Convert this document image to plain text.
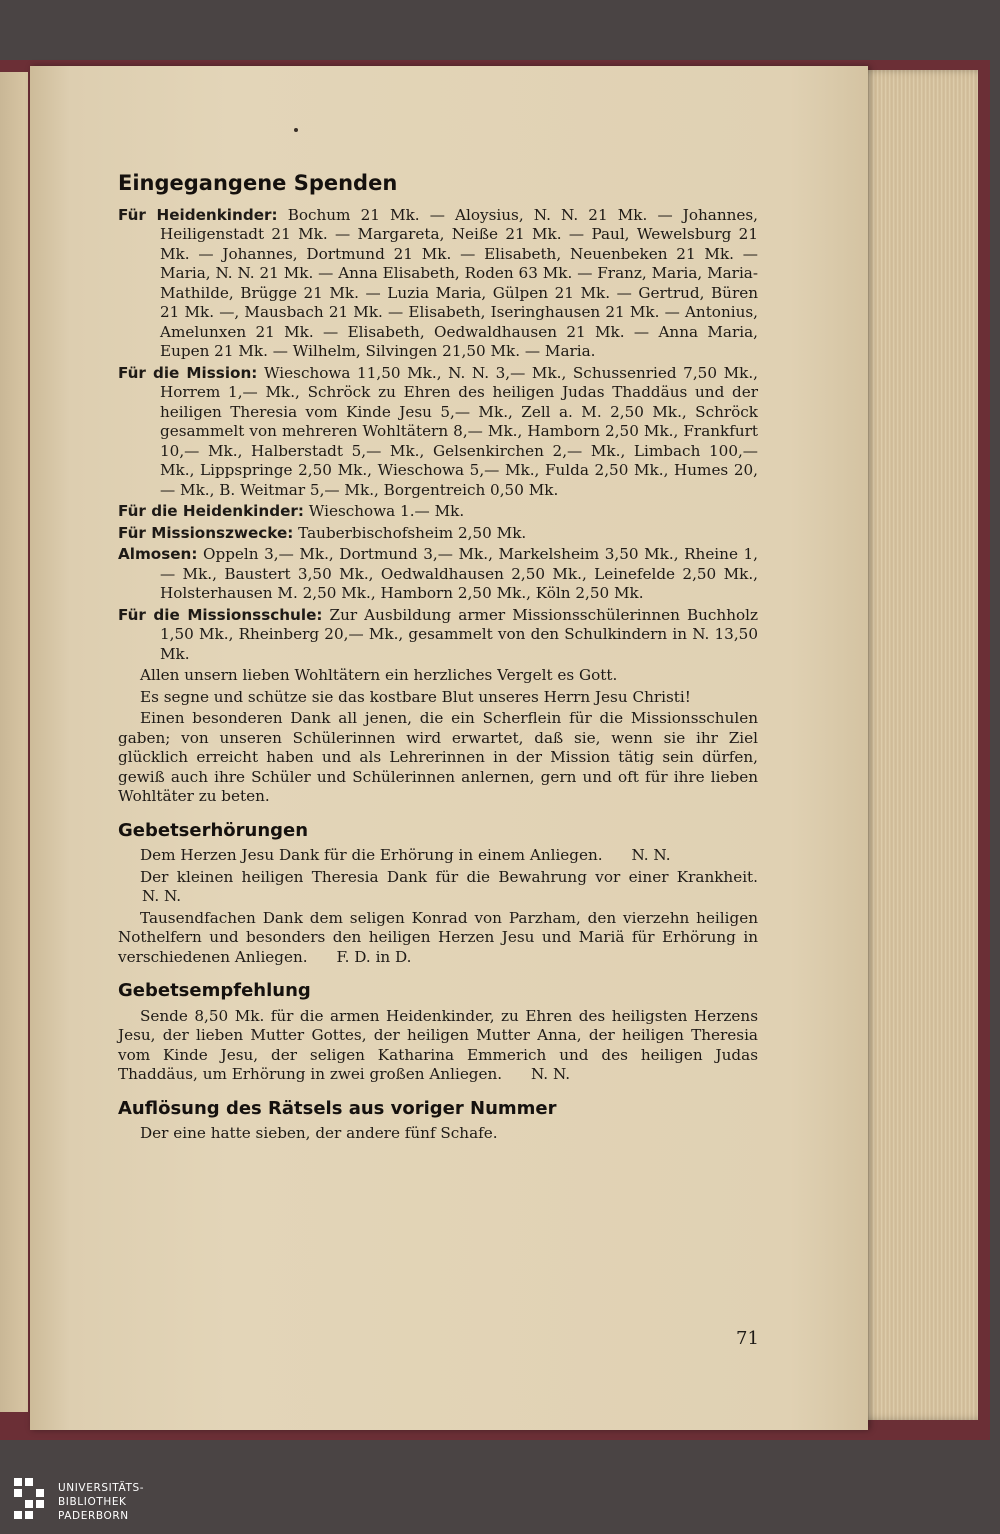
Eingegangene Spenden

Für Heidenkinder: Bochum 21 Mk. — Aloysius, N. N. 21 Mk. — Johannes, Heiligenstadt 21 Mk. — Margareta, Neiße 21 Mk. — Paul, Wewelsburg 21 Mk. — Johannes, Dortmund 21 Mk. — Elisabeth, Neuenbeken 21 Mk. — Maria, N. N. 21 Mk. — Anna Elisabeth, Roden 63 Mk. — Franz, Maria, Maria-Mathilde, Brügge 21 Mk. — Luzia Maria, Gülpen 21 Mk. — Gertrud, Büren 21 Mk. —, Mausbach 21 Mk. — Elisabeth, Iseringhausen 21 Mk. — Antonius, Amelunxen 21 Mk. — Elisabeth, Oedwaldhausen 21 Mk. — Anna Maria, Eupen 21 Mk. — Wilhelm, Silvingen 21,50 Mk. — Maria.

Für die Mission: Wieschowa 11,50 Mk., N. N. 3,— Mk., Schussenried 7,50 Mk., Horrem 1,— Mk., Schröck zu Ehren des heiligen Judas Thaddäus und der heiligen Theresia vom Kinde Jesu 5,— Mk., Zell a. M. 2,50 Mk., Schröck gesammelt von mehreren Wohltätern 8,— Mk., Hamborn 2,50 Mk., Frankfurt 10,— Mk., Halberstadt 5,— Mk., Gelsenkirchen 2,— Mk., Limbach 100,— Mk., Lippspringe 2,50 Mk., Wieschowa 5,— Mk., Fulda 2,50 Mk., Humes 20,— Mk., B. Weitmar 5,— Mk., Borgentreich 0,50 Mk.

Für die Heidenkinder: Wieschowa 1.— Mk.

Für Missionszwecke: Tauberbischofsheim 2,50 Mk.

Almosen: Oppeln 3,— Mk., Dortmund 3,— Mk., Markelsheim 3,50 Mk., Rheine 1,— Mk., Baustert 3,50 Mk., Oedwaldhausen 2,50 Mk., Leinefelde 2,50 Mk., Holsterhausen M. 2,50 Mk., Hamborn 2,50 Mk., Köln 2,50 Mk.

Für die Missionsschule: Zur Ausbildung armer Missionsschülerinnen Buchholz 1,50 Mk., Rheinberg 20,— Mk., gesammelt von den Schulkindern in N. 13,50 Mk.

Allen unsern lieben Wohltätern ein herzliches Vergelt es Gott.

Es segne und schütze sie das kostbare Blut unseres Herrn Jesu Christi!

Einen besonderen Dank all jenen, die ein Scherflein für die Missionsschulen gaben; von unseren Schülerinnen wird erwartet, daß sie, wenn sie ihr Ziel glücklich erreicht haben und als Lehrerinnen in der Mission tätig sein dürfen, gewiß auch ihre Schüler und Schülerinnen anlernen, gern und oft für ihre lieben Wohltäter zu beten.

Gebetserhörungen

Dem Herzen Jesu Dank für die Erhörung in einem Anliegen. N. N.

Der kleinen heiligen Theresia Dank für die Bewahrung vor einer Krankheit. N. N.

Tausendfachen Dank dem seligen Konrad von Parzham, den vierzehn heiligen Nothelfern und besonders den heiligen Herzen Jesu und Mariä für Erhörung in verschiedenen Anliegen. F. D. in D.

Gebetsempfehlung

Sende 8,50 Mk. für die armen Heidenkinder, zu Ehren des heiligsten Herzens Jesu, der lieben Mutter Gottes, der heiligen Mutter Anna, der heiligen Theresia vom Kinde Jesu, der seligen Katharina Emmerich und des heiligen Judas Thaddäus, um Erhörung in zwei großen Anliegen. N. N.

Auflösung des Rätsels aus voriger Nummer

Der eine hatte sieben, der andere fünf Schafe.

71
UNIVERSITÄTS-
BIBLIOTHEK
PADERBORN
